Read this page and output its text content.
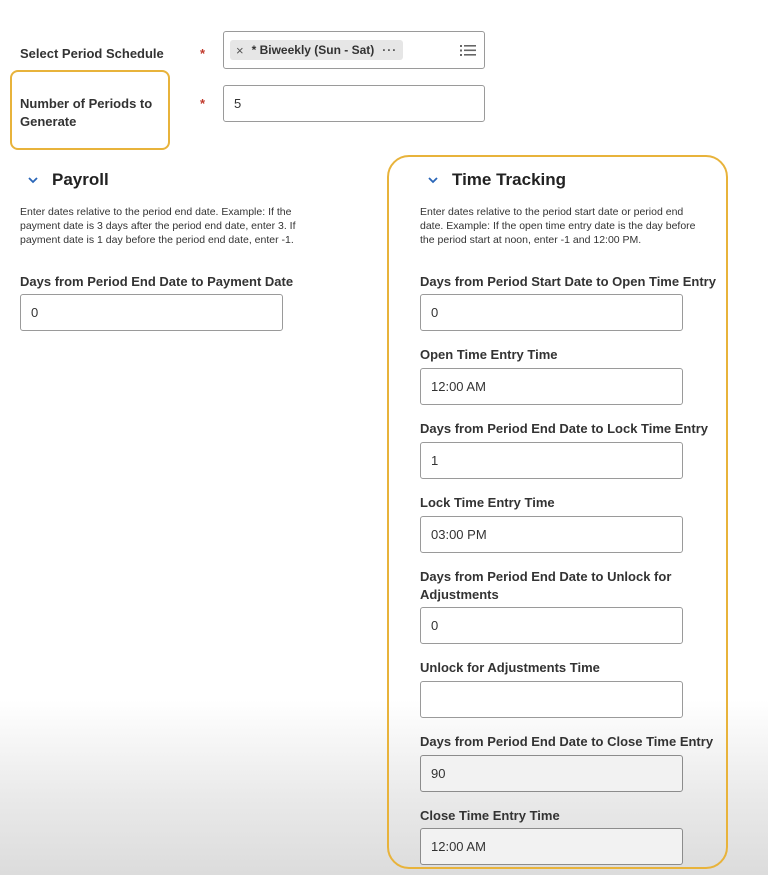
Select Period Schedule	* × * Biweekly (Sun - Sat) ···
Number of Periods to
Generate
*	5
Payroll
Enter dates relative to the period end date. Example: If the
payment date is 3 days after the period end date, enter 3. If
payment date is 1 day before the period end date, enter -1.
Days from Period End Date to Payment Date
0
Time Tracking
Enter dates relative to the period start date or period end
date. Example: If the open time entry date is the day before
the period start at noon, enter -1 and 12:00 PM.
Days from Period Start Date to Open Time Entry
0
Open Time Entry Time
12:00 AM
Days from Period End Date to Lock Time Entry
1
Lock Time Entry Time
03:00 PM
Days from Period End Date to Unlock for
Adjustments
0
Unlock for Adjustments Time
Days from Period End Date to Close Time Entry
90
Close Time Entry Time
12:00 AM
